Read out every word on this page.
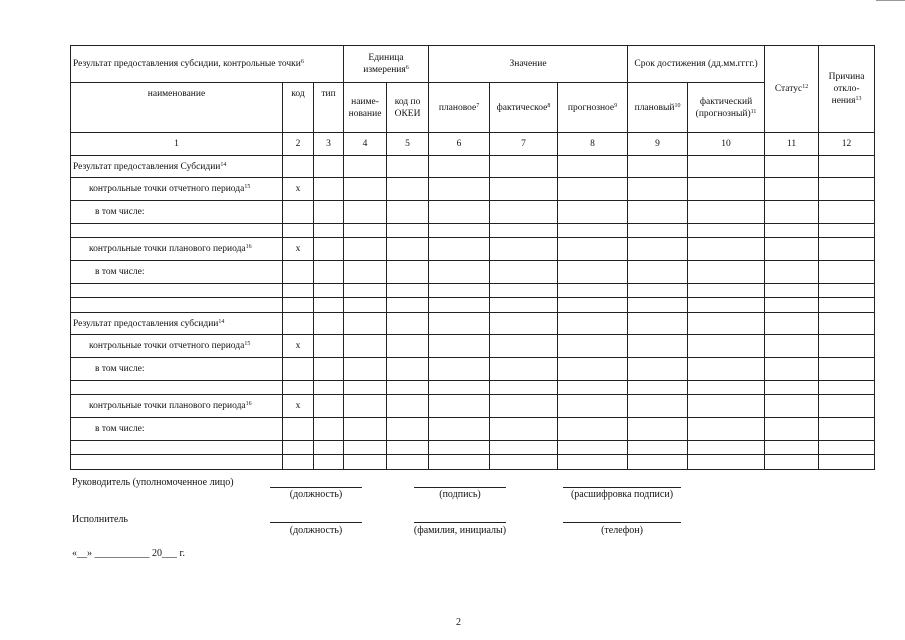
Результат предоставления субсидии, контрольные точки$^6$			Единица измерения$^6$		Значение			Срок достижения (дд.мм.гггг.)		Статус$^{12}$	Причина откло- нения$^{13}$
наименование	код	тип	наиме- нование	код по ОКЕИ	плановое$^7$	фактическое$^8$	прогнозное$^9$	плановый$^{10}$	фактический (прогнозный)$^{11}$
1	2	3	4	5	6	7	8	9	10	11	12
Результат предоставления Субсидии$^{14}$											
контрольные точки отчетного периода$^{15}$	x										
в том числе:											

контрольные точки планового периода$^{16}$	x										
в том числе:											

Результат предоставления субсидии$^{14}$											
контрольные точки отчетного периода$^{15}$	x										
в том числе:											

контрольные точки планового периода$^{16}$	x										
в том числе:											

Руководитель (уполномоченное лицо)
(должность)	(подпись)	(расшифровка подписи)
Исполнитель
(должность)	(фамилия, инициалы)	(телефон)
«__» ___________ 20___ г.
2
